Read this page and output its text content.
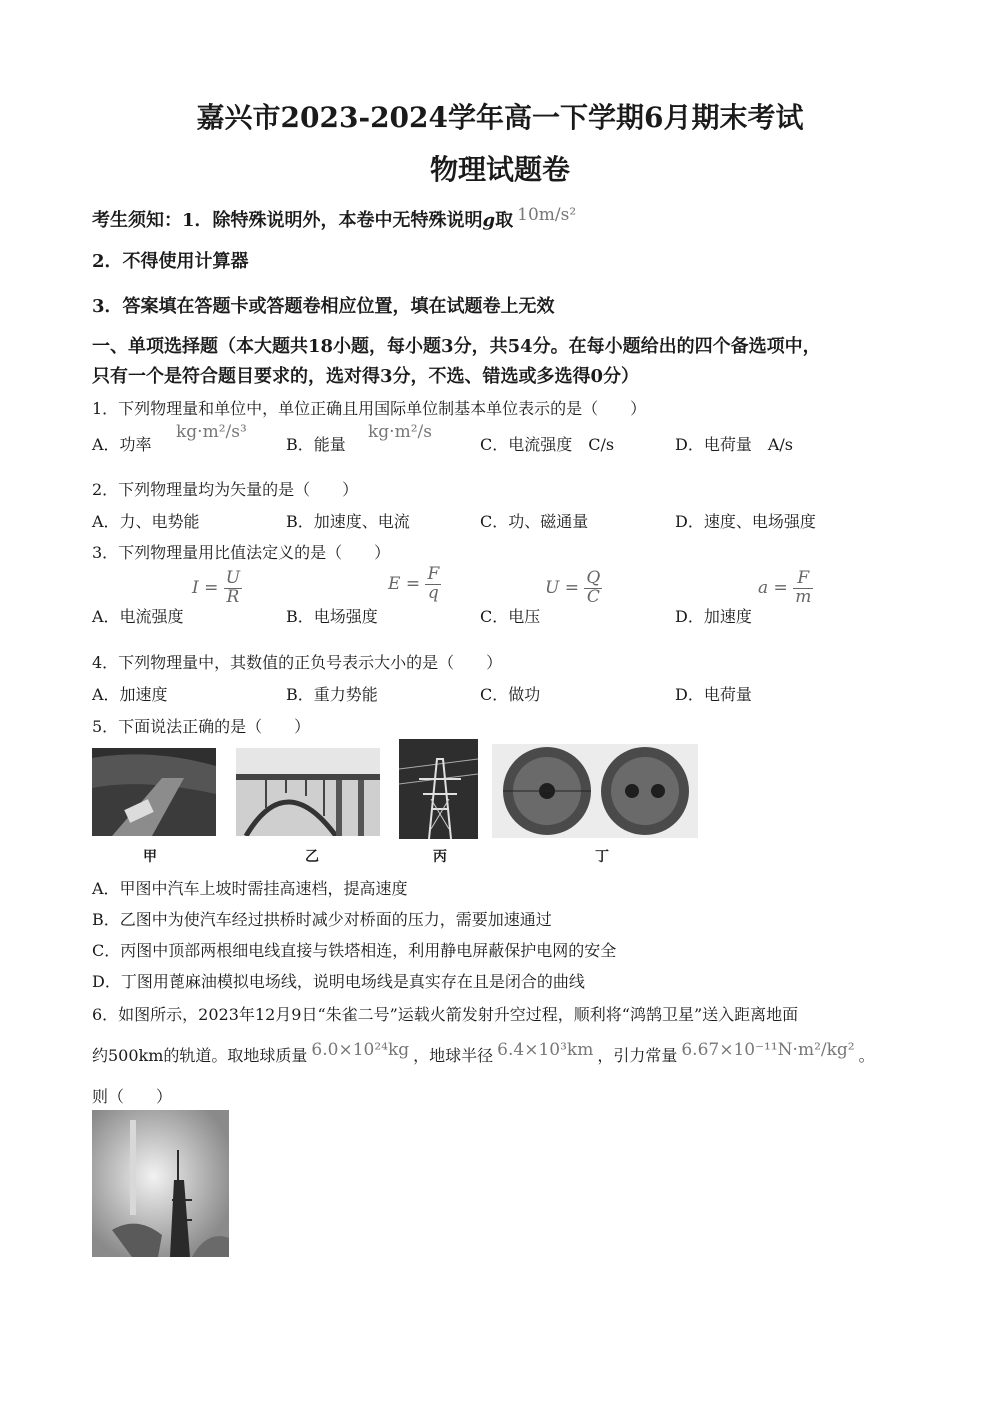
嘉兴市2023-2024学年高一下学期6月期末考试
物理试题卷
考生须知：1．除特殊说明外，本卷中无特殊说明g取 10m/s²
2．不得使用计算器
3．答案填在答题卡或答题卷相应位置，填在试题卷上无效
一、单项选择题（本大题共18小题，每小题3分，共54分。在每小题给出的四个备选项中，
只有一个是符合题目要求的，选对得3分，不选、错选或多选得0分）
1．下列物理量和单位中，单位正确且用国际单位制基本单位表示的是（　　）
A．功率
kg·m²/s³
B．能量
kg·m²/s
C．电流强度　C/s	D．电荷量　A/s
2．下列物理量均为矢量的是（　　）
A．力、电势能	B．加速度、电流	C．功、磁通量	D．速度、电场强度
3．下列物理量用比值法定义的是（　　）
$I = \frac{U}{R}$
A．电流强度
$E = \frac{F}{q}$
B．电场强度
$U = \frac{Q}{C}$
C．电压
$a = \frac{F}{m}$
D．加速度
4．下列物理量中，其数值的正负号表示大小的是（　　）
A．加速度	B．重力势能	C．做功	D．电荷量
5．下面说法正确的是（　　）
甲	乙	丙	丁
A．甲图中汽车上坡时需挂高速档，提高速度
B．乙图中为使汽车经过拱桥时减少对桥面的压力，需要加速通过
C．丙图中顶部两根细电线直接与铁塔相连，利用静电屏蔽保护电网的安全
D．丁图用蓖麻油模拟电场线，说明电场线是真实存在且是闭合的曲线
6．如图所示，2023年12月9日“朱雀二号”运载火箭发射升空过程，顺利将“鸿鹄卫星”送入距离地面
约500km的轨道。取地球质量 6.0×10²⁴kg ，地球半径 6.4×10³km ，引力常量 6.67×10⁻¹¹N·m²/kg² 。
则（　　）
